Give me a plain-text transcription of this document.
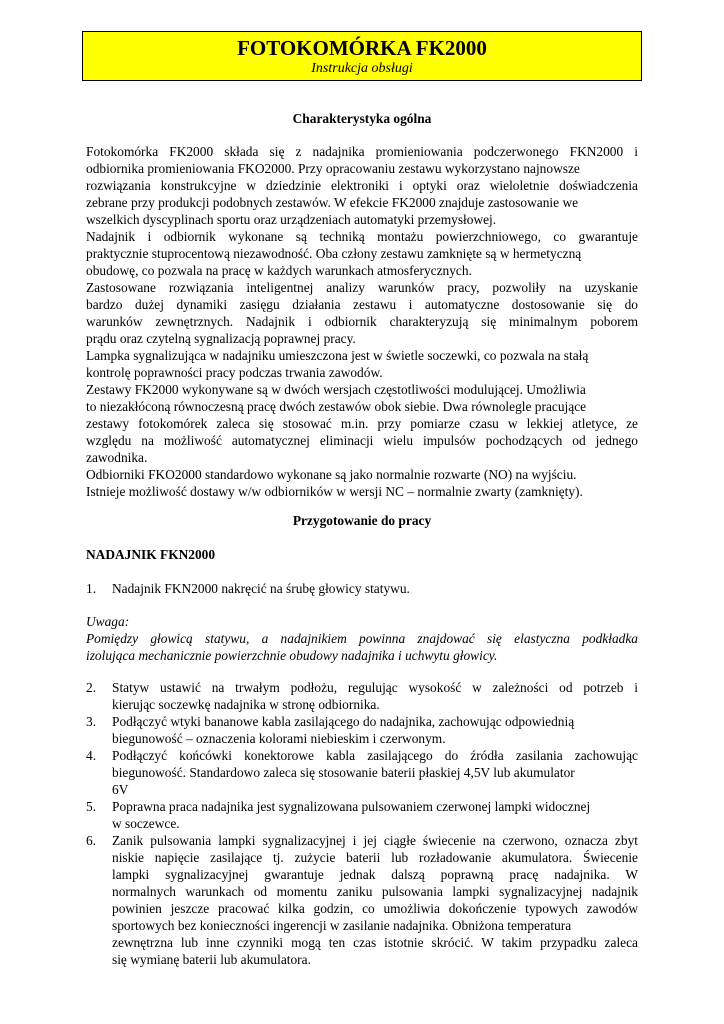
FOTOKOMÓRKA FK2000
Instrukcja obsługi
Charakterystyka ogólna
Fotokomórka FK2000 składa się z nadajnika promieniowania podczerwonego FKN2000 i
odbiornika promieniowania FKO2000. Przy opracowaniu zestawu wykorzystano najnowsze
rozwiązania konstrukcyjne w dziedzinie elektroniki i optyki oraz wieloletnie doświadczenia
zebrane przy produkcji podobnych zestawów. W efekcie FK2000 znajduje zastosowanie we
wszelkich dyscyplinach sportu oraz urządzeniach automatyki przemysłowej.
Nadajnik i odbiornik wykonane są techniką montażu powierzchniowego, co gwarantuje
praktycznie stuprocentową niezawodność. Oba człony zestawu zamknięte są w hermetyczną
obudowę, co pozwala na pracę w każdych warunkach atmosferycznych.
Zastosowane rozwiązania inteligentnej analizy warunków pracy, pozwoliły na uzyskanie
bardzo dużej dynamiki zasięgu działania zestawu i automatyczne dostosowanie się do
warunków zewnętrznych. Nadajnik i odbiornik charakteryzują się minimalnym poborem
prądu oraz czytelną sygnalizacją poprawnej pracy.
Lampka sygnalizująca w nadajniku umieszczona jest w świetle soczewki, co pozwala na stałą
kontrolę poprawności pracy podczas trwania zawodów.
Zestawy FK2000 wykonywane są w dwóch wersjach częstotliwości modulującej. Umożliwia
to niezakłóconą równoczesną pracę dwóch zestawów obok siebie. Dwa równolegle pracujące
zestawy fotokomórek zaleca się stosować m.in. przy pomiarze czasu w lekkiej atletyce, ze
względu na możliwość automatycznej eliminacji wielu impulsów pochodzących od jednego
zawodnika.
Odbiorniki FKO2000 standardowo wykonane są jako normalnie rozwarte (NO) na wyjściu.
Istnieje możliwość dostawy w/w odbiorników w wersji NC – normalnie zwarty (zamknięty).
Przygotowanie do pracy
NADAJNIK FKN2000
1.	Nadajnik FKN2000 nakręcić na śrubę głowicy statywu.
Uwaga:
Pomiędzy głowicą statywu, a nadajnikiem powinna znajdować się elastyczna podkładka
izolująca mechanicznie powierzchnie obudowy nadajnika i uchwytu głowicy.
2.	Statyw ustawić na trwałym podłożu, regulując wysokość w zależności od potrzeb i
kierując soczewkę nadajnika w stronę odbiornika.
3.	Podłączyć wtyki bananowe kabla zasilającego do nadajnika, zachowując odpowiednią
biegunowość – oznaczenia kolorami niebieskim i czerwonym.
4.	Podłączyć końcówki konektorowe kabla zasilającego do źródła zasilania zachowując
biegunowość. Standardowo zaleca się stosowanie baterii płaskiej 4,5V lub akumulator
6V
5.	Poprawna praca nadajnika jest sygnalizowana pulsowaniem czerwonej lampki widocznej
w soczewce.
6.	Zanik pulsowania lampki sygnalizacyjnej i jej ciągłe świecenie na czerwono, oznacza zbyt
niskie napięcie zasilające tj. zużycie baterii lub rozładowanie akumulatora. Świecenie
lampki sygnalizacyjnej gwarantuje jednak dalszą poprawną pracę nadajnika. W
normalnych warunkach od momentu zaniku pulsowania lampki sygnalizacyjnej nadajnik
powinien jeszcze pracować kilka godzin, co umożliwia dokończenie typowych zawodów
sportowych bez konieczności ingerencji w zasilanie nadajnika. Obniżona temperatura
zewnętrzna lub inne czynniki mogą ten czas istotnie skrócić. W takim przypadku zaleca
się wymianę baterii lub akumulatora.
